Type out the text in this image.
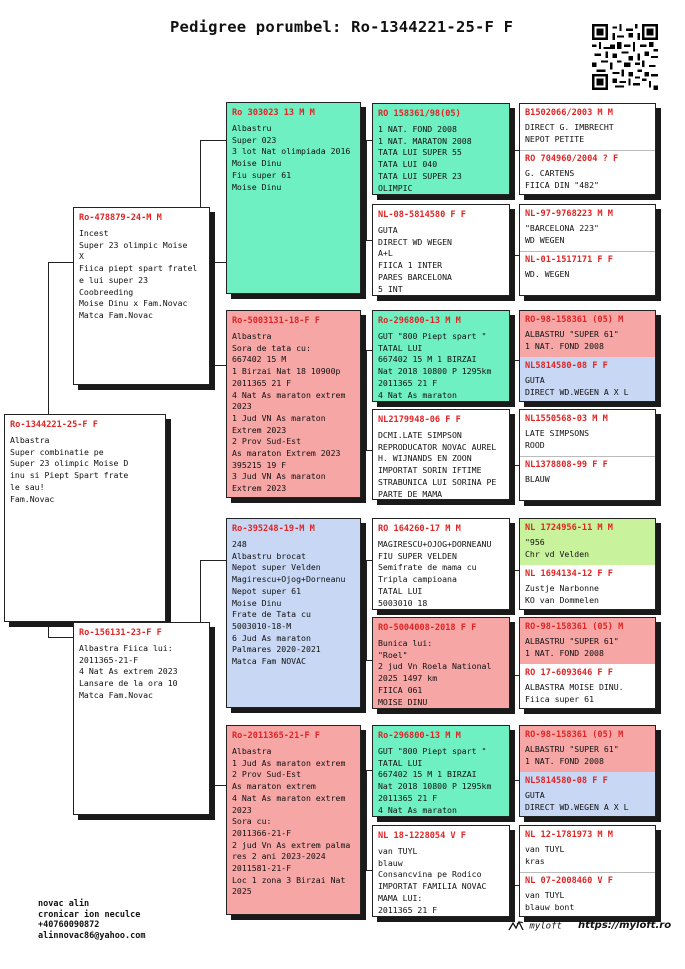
Pedigree porumbel: Ro-1344221-25-F F
Ro-1344221-25-F F
Albastra
Super combinatie pe
Super 23 olimpic Moise D
inu si Piept Spart frate
le sau!
Fam.Novac
Ro-478879-24-M M
Incest
Super 23 olimpic Moise
X
Fiica piept spart fratel
e lui super 23
Coobreeding
Moise Dinu x Fam.Novac
Matca Fam.Novac
Ro-156131-23-F F
Albastra Fiica lui:
2011365-21-F
4 Nat As extrem 2023
Lansare de la ora 10
Matca Fam.Novac
Ro 303023 13 M M
Albastru
Super 023
3 lot Nat olimpiada 2016
Moise Dinu
Fiu super 61
Moise Dinu
Ro-5003131-18-F F
Albastra
Sora de tata cu:
667402 15 M
1 Birzai Nat 18 10900p
2011365 21 F
4 Nat As maraton extrem
2023
1 Jud VN As maraton
Extrem 2023
2 Prov Sud-Est
As maraton Extrem 2023
395215 19 F
3 Jud VN As maraton
Extrem 2023
Ro-395248-19-M M
248
Albastru brocat
Nepot super Velden
Magirescu+Ojog+Dorneanu
Nepot super 61
Moise Dinu
Frate de Tata cu
5003010-18-M
6 Jud As maraton
Palmares 2020-2021
Matca Fam NOVAC
Ro-2011365-21-F F
Albastra
1 Jud As maraton extrem
2 Prov Sud-Est
As maraton extrem
4 Nat As maraton extrem
2023
Sora cu:
2011366-21-F
2 jud Vn As extrem palma
res 2 ani 2023-2024
2011581-21-F
Loc 1 zona 3 Birzai Nat
2025
RO 158361/98(05)
1 NAT. FOND 2008
1 NAT. MARATON 2008
TATA LUI SUPER 55
TATA LUI 040
TATA LUI SUPER 23
OLIMPIC
NL-08-5814580 F F
GUTA
DIRECT WD WEGEN
A+L
FIICA 1 INTER
PARES BARCELONA
5 INT
Ro-296800-13 M M
GUT "800 Piept spart "
TATAL LUI
667402 15 M 1 BIRZAI
Nat 2018 10800 P 1295km
2011365 21 F
4 Nat As maraton
NL2179948-06 F F
DCMI.LATE SIMPSON
REPRODUCATOR NOVAC AUREL
H. WIJNANDS EN ZOON
IMPORTAT SORIN IFTIME
STRABUNICA LUI SORINA PE
PARTE DE MAMA
RO 164260-17 M M
MAGIRESCU+OJOG+DORNEANU
FIU SUPER VELDEN
Semifrate de mama cu
Tripla campioana
TATAL LUI
5003010 18
RO-5004008-2018 F F
Bunica lui:
"Roel"
2 jud Vn Roela National
2025 1497 km
FIICA 061
MOISE DINU
Ro-296800-13 M M
GUT "800 Piept spart "
TATAL LUI
667402 15 M 1 BIRZAI
Nat 2018 10800 P 1295km
2011365 21 F
4 Nat As maraton
NL 18-1228054 V F
van TUYL
blauw
Consancvina pe Rodico
IMPORTAT FAMILIA NOVAC
MAMA LUI:
2011365 21 F
B1502066/2003 M M
DIRECT G. IMBRECHT
NEPOT PETITE
RO 704960/2004 ? F
G. CARTENS
FIICA DIN "482"
NL-97-9768223 M M
"BARCELONA 223"
WD WEGEN
NL-01-1517171 F F
WD. WEGEN
RO-98-158361 (05) M
ALBASTRU "SUPER 61"
1 NAT. FOND 2008
NL5814580-08 F F
GUTA
DIRECT WD.WEGEN A X L
NL1550568-03 M M
LATE SIMPSONS
ROOD
NL1378808-99 F F
BLAUW
NL 1724956-11 M M
"956
Chr vd Velden
NL 1694134-12 F F
Zustje Narbonne
KO van Dommelen
RO-98-158361 (05) M
ALBASTRU "SUPER 61"
1 NAT. FOND 2008
RO 17-6093646 F F
ALBASTRA MOISE DINU.
Fiica super 61
RO-98-158361 (05) M
ALBASTRU "SUPER 61"
1 NAT. FOND 2008
NL5814580-08 F F
GUTA
DIRECT WD.WEGEN A X L
NL 12-1781973 M M
van TUYL
kras
NL 07-2008460 V F
van TUYL
blauw bont
novac alin
cronicar ion neculce
+40760090872
alinnovac86@yahoo.com
myloft https://myloft.ro
